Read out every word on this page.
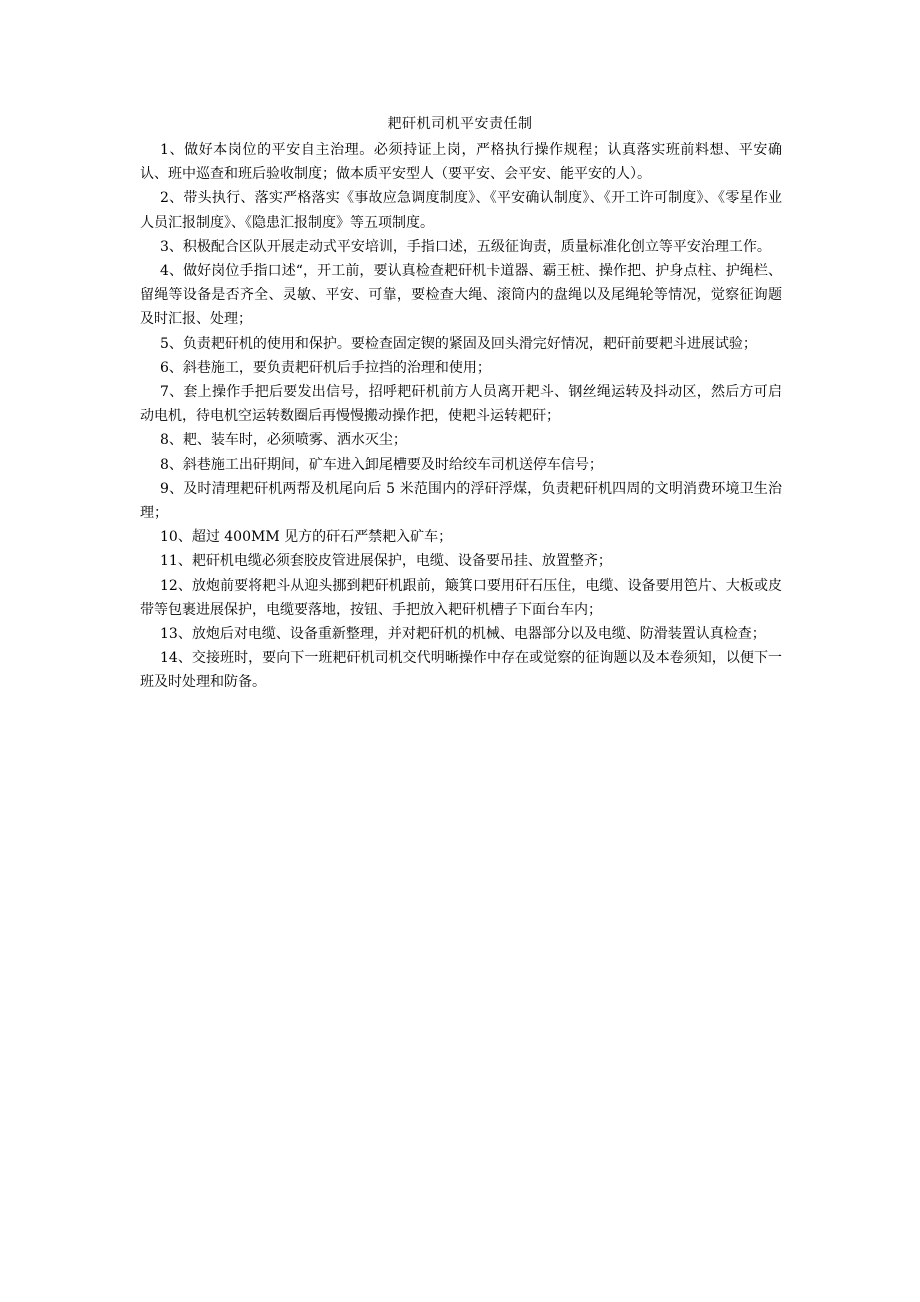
耙矸机司机平安责任制

1、做好本岗位的平安自主治理。必须持证上岗，严格执行操作规程；认真落实班前料想、平安确认、班中巡查和班后验收制度；做本质平安型人（要平安、会平安、能平安的人）。

2、带头执行、落实严格落实《事故应急调度制度》、《平安确认制度》、《开工许可制度》、《零星作业人员汇报制度》、《隐患汇报制度》等五项制度。

3、积极配合区队开展走动式平安培训，手指口述，五级征询责，质量标准化创立等平安治理工作。

4、做好岗位手指口述“，开工前，要认真检查耙矸机卡道器、霸王桩、操作把、护身点柱、护绳栏、留绳等设备是否齐全、灵敏、平安、可靠，要检查大绳、滚筒内的盘绳以及尾绳轮等情况，觉察征询题及时汇报、处理；

5、负责耙矸机的使用和保护。要检查固定锲的紧固及回头滑完好情况，耙矸前要耙斗进展试验；

6、斜巷施工，要负责耙矸机后手拉挡的治理和使用；

7、套上操作手把后要发出信号，招呼耙矸机前方人员离开耙斗、钢丝绳运转及抖动区，然后方可启动电机，待电机空运转数圈后再慢慢搬动操作把，使耙斗运转耙矸；

8、耙、装车时，必须喷雾、洒水灭尘；

8、斜巷施工出矸期间，矿车进入卸尾槽要及时给绞车司机送停车信号；

9、及时清理耙矸机两帮及机尾向后 5 米范围内的浮矸浮煤，负责耙矸机四周的文明消费环境卫生治理；

10、超过 400MM 见方的矸石严禁耙入矿车；

11、耙矸机电缆必须套胶皮管进展保护，电缆、设备要吊挂、放置整齐；

12、放炮前要将耙斗从迎头挪到耙矸机跟前，簸箕口要用矸石压住，电缆、设备要用笆片、大板或皮带等包裹进展保护，电缆要落地，按钮、手把放入耙矸机槽子下面台车内；

13、放炮后对电缆、设备重新整理，并对耙矸机的机械、电器部分以及电缆、防滑装置认真检查；

14、交接班时，要向下一班耙矸机司机交代明晰操作中存在或觉察的征询题以及本卷须知，以便下一班及时处理和防备。
